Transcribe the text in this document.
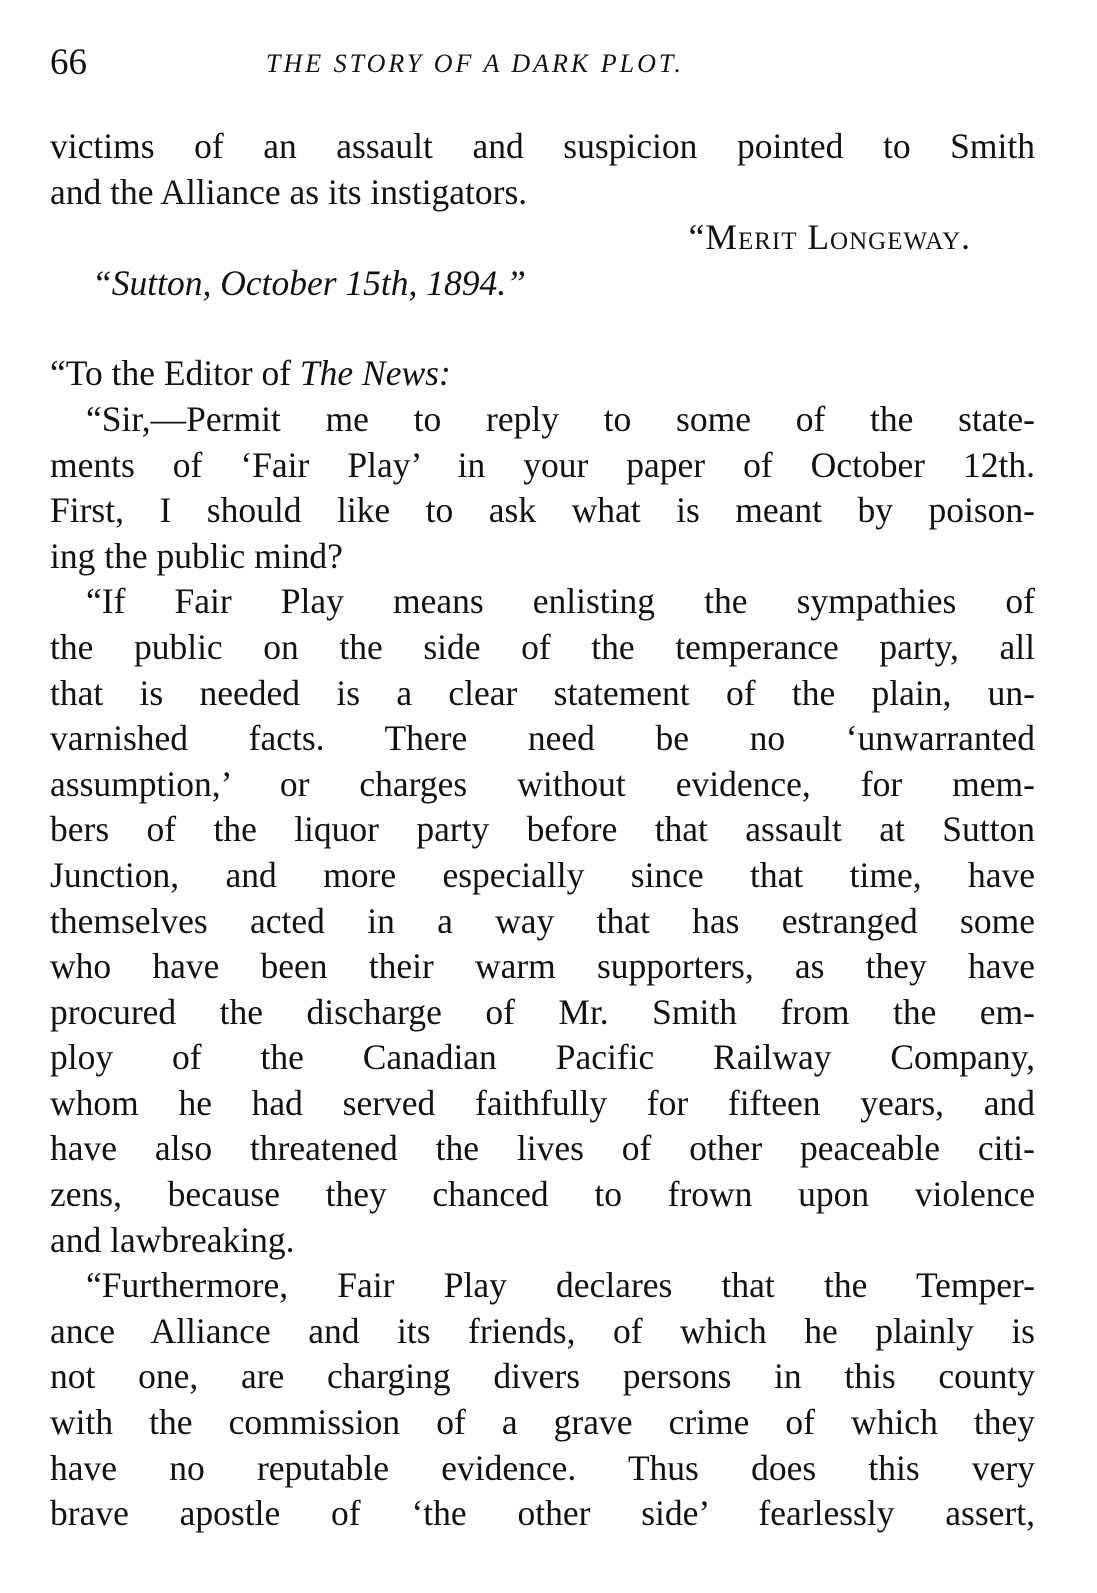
66	THE STORY OF A DARK PLOT.
victims of an assault and suspicion pointed to Smith
and the Alliance as its instigators.
“Merit Longeway.
“Sutton, October 15th, 1894.”
“To the Editor of The News:
“Sir,—Permit me to reply to some of the state-
ments of ‘Fair Play’ in your paper of October 12th.
First, I should like to ask what is meant by poison-
ing the public mind?
“If Fair Play means enlisting the sympathies of
the public on the side of the temperance party, all
that is needed is a clear statement of the plain, un-
varnished facts. There need be no ‘unwarranted
assumption,’ or charges without evidence, for mem-
bers of the liquor party before that assault at Sutton
Junction, and more especially since that time, have
themselves acted in a way that has estranged some
who have been their warm supporters, as they have
procured the discharge of Mr. Smith from the em-
ploy of the Canadian Pacific Railway Company,
whom he had served faithfully for fifteen years, and
have also threatened the lives of other peaceable citi-
zens, because they chanced to frown upon violence
and lawbreaking.
“Furthermore, Fair Play declares that the Temper-
ance Alliance and its friends, of which he plainly is
not one, are charging divers persons in this county
with the commission of a grave crime of which they
have no reputable evidence. Thus does this very
brave apostle of ‘the other side’ fearlessly assert,
